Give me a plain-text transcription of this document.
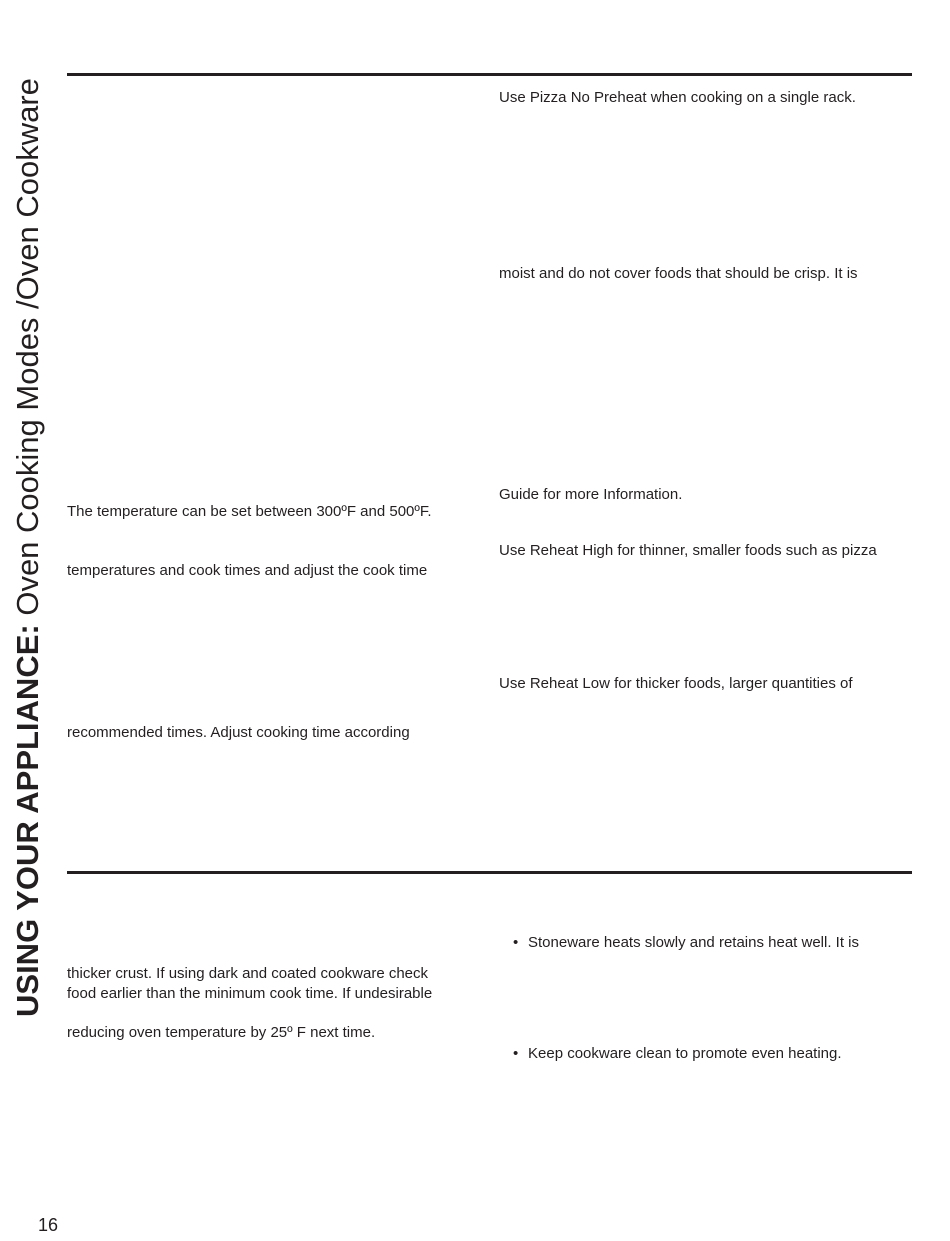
USING YOUR APPLIANCE: Oven Cooking Modes /Oven Cookware	Use Pizza No Preheat when cooking on a single rack.
moist and do not cover foods that should be crisp. It is
Guide for more Information.
Use Reheat High for thinner, smaller foods such as pizza
Use Reheat Low for thicker foods, larger quantities of
The temperature can be set between 300ºF and 500ºF.
temperatures and cook times and adjust the cook time
recommended times. Adjust cooking time according
thicker crust. If using dark and coated cookware check
food earlier than the minimum cook time. If undesirable
reducing oven temperature by 25º F next time.
• Stoneware heats slowly and retains heat well. It is
• Keep cookware clean to promote even heating.
16
